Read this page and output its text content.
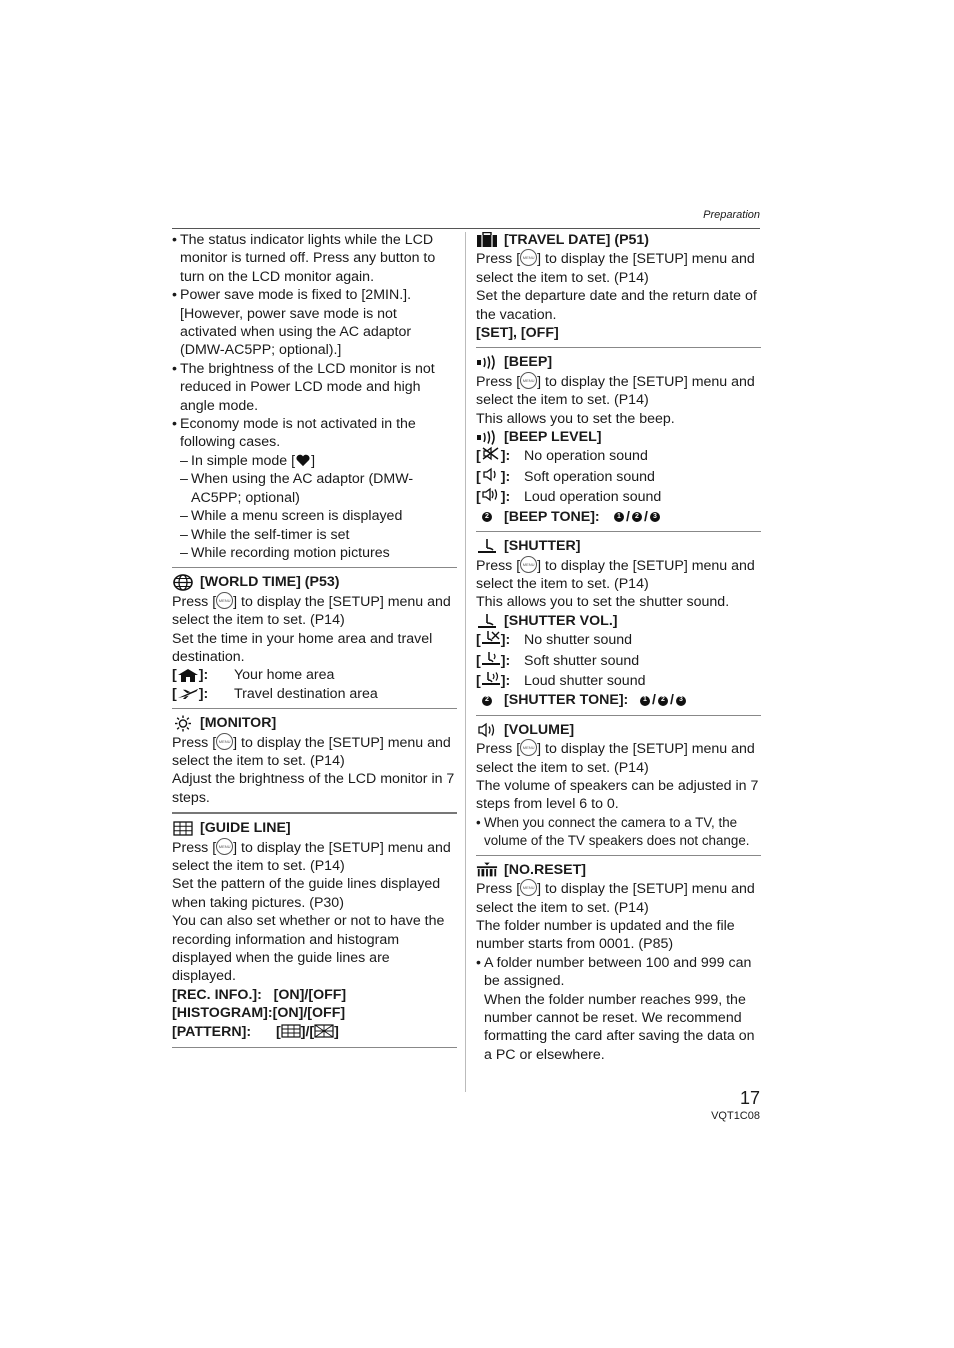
Preparation
• The status indicator lights while the LCD monitor is turned off. Press any button to turn on the LCD monitor again.
• Power save mode is fixed to [2MIN.]. [However, power save mode is not activated when using the AC adaptor (DMW-AC5PP; optional).]
• The brightness of the LCD monitor is not reduced in Power LCD mode and high angle mode.
• Economy mode is not activated in the following cases.
– In simple mode [ ]
– When using the AC adaptor (DMW-AC5PP; optional)
– While a menu screen is displayed
– While the self-timer is set
– While recording motion pictures
[WORLD TIME] (P53)
Press [ MENU ] to display the [SETUP] menu and select the item to set. (P14)
Set the time in your home area and travel destination.
[ ]:	Your home area
[ ]:	Travel destination area
[MONITOR]
Press [ MENU ] to display the [SETUP] menu and select the item to set. (P14)
Adjust the brightness of the LCD monitor in 7 steps.
[GUIDE LINE]
Press [ MENU ] to display the [SETUP] menu and select the item to set. (P14)
Set the pattern of the guide lines displayed when taking pictures. (P30)
You can also set whether or not to have the recording information and histogram displayed when the guide lines are displayed.
[REC. INFO.]:   [ON]/[OFF]
[HISTOGRAM]:[ON]/[OFF]
[PATTERN]:	[ ]/[ ]
[TRAVEL DATE] (P51)
Press [ MENU ] to display the [SETUP] menu and select the item to set. (P14)
Set the departure date and the return date of the vacation.
[SET], [OFF]
[BEEP]
Press [ MENU ] to display the [SETUP] menu and select the item to set. (P14)
This allows you to set the beep.
[BEEP LEVEL]
[ ]: No operation sound
[ ]: Soft operation sound
[ ]: Loud operation sound
2 [BEEP TONE]:	1 / 2 / 3
[SHUTTER]
Press [ MENU ] to display the [SETUP] menu and select the item to set. (P14)
This allows you to set the shutter sound.
[SHUTTER VOL.]
[ ]: No shutter sound
[ ]: Soft shutter sound
[ ]: Loud shutter sound
2 [SHUTTER TONE]:	1 / 2 / 3
[VOLUME]
Press [ MENU ] to display the [SETUP] menu and select the item to set. (P14)
The volume of speakers can be adjusted in 7 steps from level 6 to 0.
• When you connect the camera to a TV, the volume of the TV speakers does not change.
[NO.RESET]
Press [ MENU ] to display the [SETUP] menu and select the item to set. (P14)
The folder number is updated and the file number starts from 0001. (P85)
• A folder number between 100 and 999 can be assigned.
When the folder number reaches 999, the number cannot be reset. We recommend formatting the card after saving the data on a PC or elsewhere.
17
VQT1C08
